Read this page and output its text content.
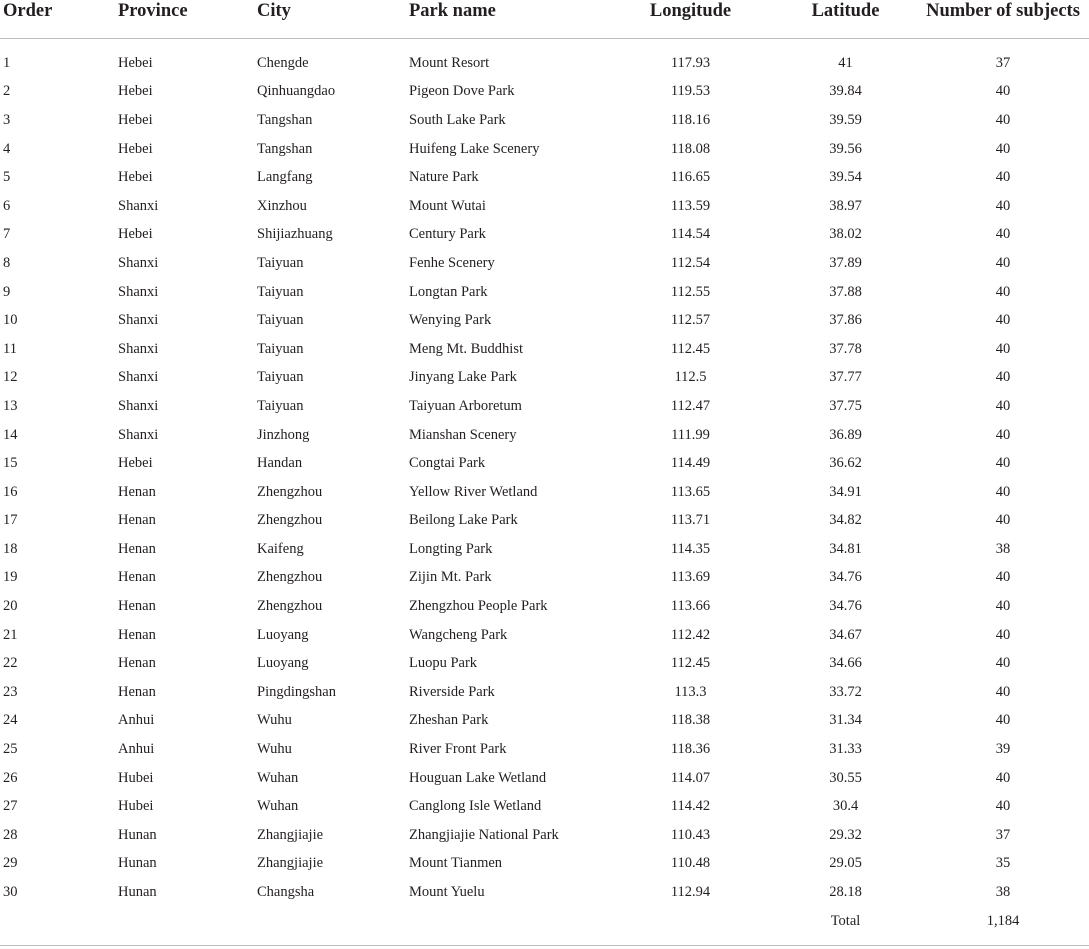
Order	Province	City	Park name	Longitude	Latitude	Number of subjects
1	Hebei	Chengde	Mount Resort	117.93	41	37
2	Hebei	Qinhuangdao	Pigeon Dove Park	119.53	39.84	40
3	Hebei	Tangshan	South Lake Park	118.16	39.59	40
4	Hebei	Tangshan	Huifeng Lake Scenery	118.08	39.56	40
5	Hebei	Langfang	Nature Park	116.65	39.54	40
6	Shanxi	Xinzhou	Mount Wutai	113.59	38.97	40
7	Hebei	Shijiazhuang	Century Park	114.54	38.02	40
8	Shanxi	Taiyuan	Fenhe Scenery	112.54	37.89	40
9	Shanxi	Taiyuan	Longtan Park	112.55	37.88	40
10	Shanxi	Taiyuan	Wenying Park	112.57	37.86	40
11	Shanxi	Taiyuan	Meng Mt. Buddhist	112.45	37.78	40
12	Shanxi	Taiyuan	Jinyang Lake Park	112.5	37.77	40
13	Shanxi	Taiyuan	Taiyuan Arboretum	112.47	37.75	40
14	Shanxi	Jinzhong	Mianshan Scenery	111.99	36.89	40
15	Hebei	Handan	Congtai Park	114.49	36.62	40
16	Henan	Zhengzhou	Yellow River Wetland	113.65	34.91	40
17	Henan	Zhengzhou	Beilong Lake Park	113.71	34.82	40
18	Henan	Kaifeng	Longting Park	114.35	34.81	38
19	Henan	Zhengzhou	Zijin Mt. Park	113.69	34.76	40
20	Henan	Zhengzhou	Zhengzhou People Park	113.66	34.76	40
21	Henan	Luoyang	Wangcheng Park	112.42	34.67	40
22	Henan	Luoyang	Luopu Park	112.45	34.66	40
23	Henan	Pingdingshan	Riverside Park	113.3	33.72	40
24	Anhui	Wuhu	Zheshan Park	118.38	31.34	40
25	Anhui	Wuhu	River Front Park	118.36	31.33	39
26	Hubei	Wuhan	Houguan Lake Wetland	114.07	30.55	40
27	Hubei	Wuhan	Canglong Isle Wetland	114.42	30.4	40
28	Hunan	Zhangjiajie	Zhangjiajie National Park	110.43	29.32	37
29	Hunan	Zhangjiajie	Mount Tianmen	110.48	29.05	35
30	Hunan	Changsha	Mount Yuelu	112.94	28.18	38
					Total	1,184
